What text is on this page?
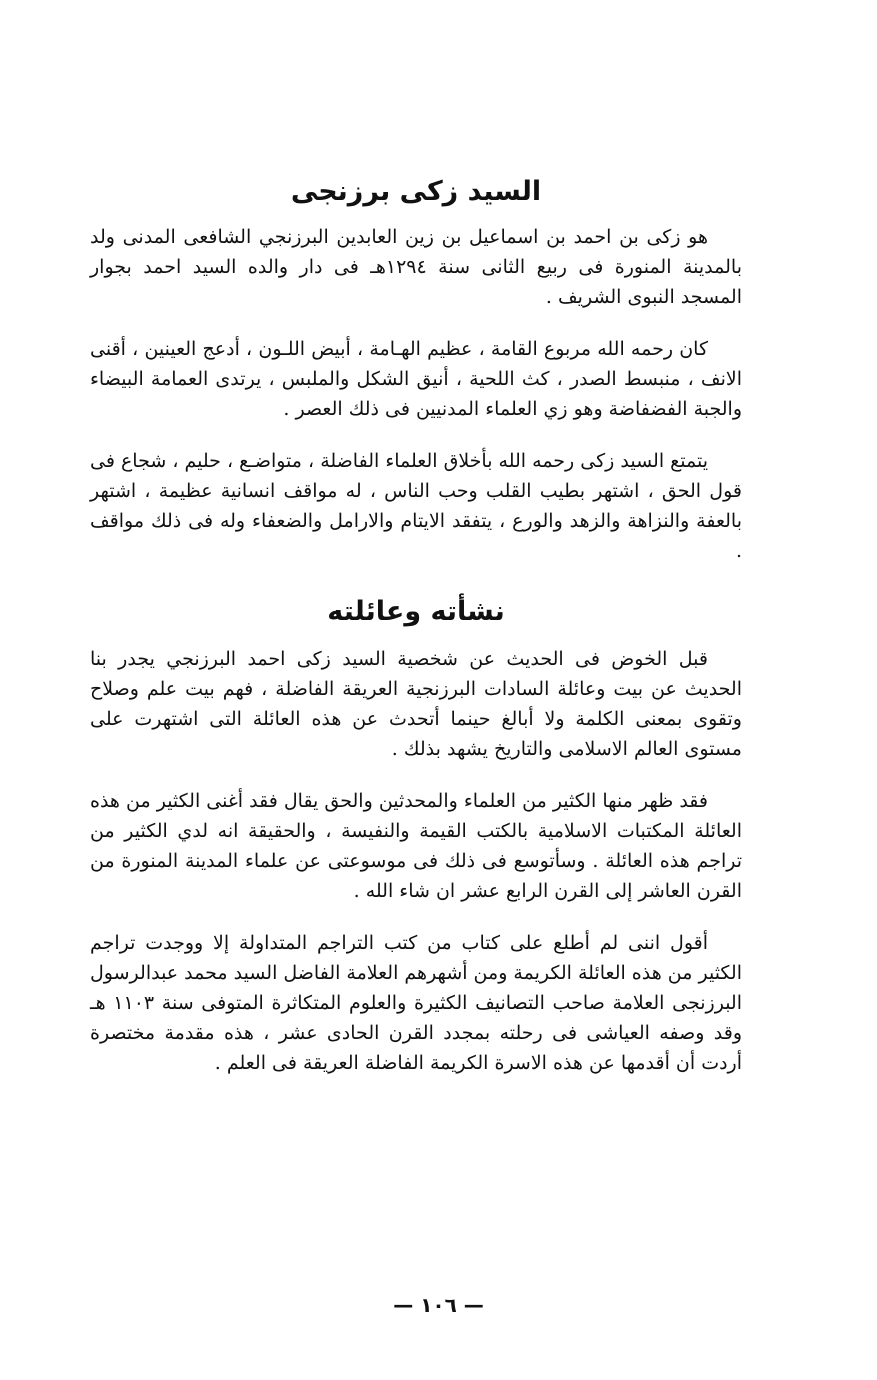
السيد زكى برزنجى

هو زكى بن احمد بن اسماعيل بن زين العابدين البرزنجي الشافعى المدنى ولد بالمدينة المنورة فى ربيع الثانى سنة ١٢٩٤هـ فى دار والده السيد احمد بجوار المسجد النبوى الشريف .

كان رحمه الله مربوع القامة ، عظيم الهـامة ، أبيض اللـون ، أدعج العينين ، أقنى الانف ، منبسط الصدر ، كث اللحية ، أنيق الشكل والملبس ، يرتدى العمامة البيضاء والجبة الفضفاضة وهو زي العلماء المدنيين فى ذلك العصر .

يتمتع السيد زكى رحمه الله بأخلاق العلماء الفاضلة ، متواضـع ، حليم ، شجاع فى قول الحق ، اشتهر بطيب القلب وحب الناس ، له مواقف انسانية عظيمة ، اشتهر بالعفة والنزاهة والزهد والورع ، يتفقد الايتام والارامل والضعفاء وله فى ذلك مواقف .

نشأته وعائلته

قبل الخوض فى الحديث عن شخصية السيد زكى احمد البرزنجي يجدر بنا الحديث عن بيت وعائلة السادات البرزنجية العريقة الفاضلة ، فهم بيت علم وصلاح وتقوى بمعنى الكلمة ولا أبالغ حينما أتحدث عن هذه العائلة التى اشتهرت على مستوى العالم الاسلامى والتاريخ يشهد بذلك .

فقد ظهر منها الكثير من العلماء والمحدثين والحق يقال فقد أغنى الكثير من هذه العائلة المكتبات الاسلامية بالكتب القيمة والنفيسة ، والحقيقة انه لدي الكثير من تراجم هذه العائلة . وسأتوسع فى ذلك فى موسوعتى عن علماء المدينة المنورة من القرن العاشر إلى القرن الرابع عشر ان شاء الله .

أقول اننى لم أطلع على كتاب من كتب التراجم المتداولة إلا ووجدت تراجم الكثير من هذه العائلة الكريمة ومن أشهرهم العلامة الفاضل السيد محمد عبدالرسول البرزنجى العلامة صاحب التصانيف الكثيرة والعلوم المتكاثرة المتوفى سنة ١١٠٣ هـ وقد وصفه العياشى فى رحلته بمجدد القرن الحادى عشر ، هذه مقدمة مختصرة أردت أن أقدمها عن هذه الاسرة الكريمة الفاضلة العريقة فى العلم .

— ١٠٦ —
